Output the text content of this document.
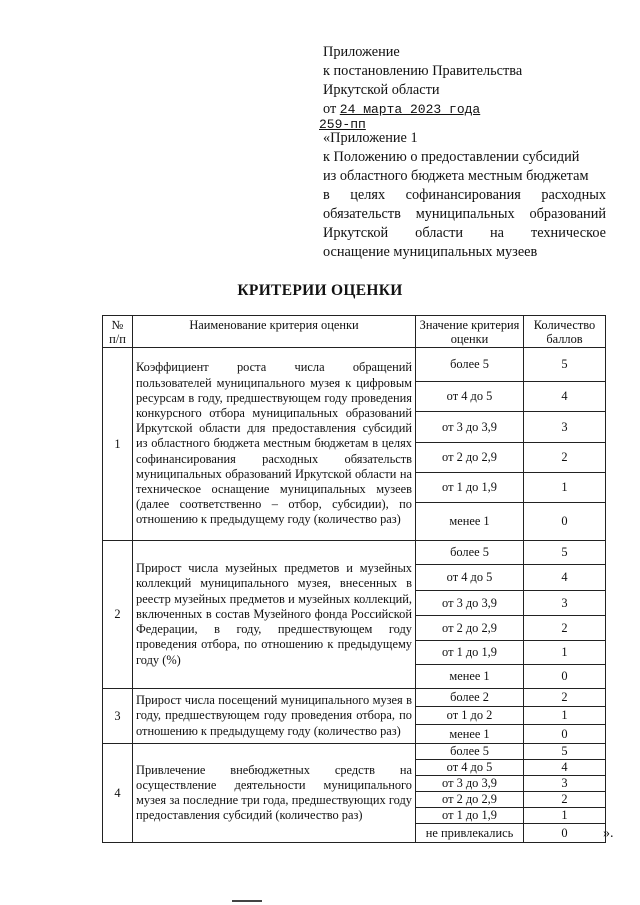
Приложение
к постановлению Правительства
Иркутской области
от 24 марта 2023 года
259-пп
«Приложение 1
к Положению о предоставлении субсидий
из областного бюджета местным бюджетам
в целях софинансирования расходных
обязательств муниципальных образований
Иркутской области на техническое
оснащение муниципальных музеев
КРИТЕРИИ ОЦЕНКИ
№ п/п	Наименование критерия оценки	Значение критерия оценки	Количество баллов
1	Коэффициент роста числа обращений пользователей муниципального музея к цифровым ресурсам в году, предшествующем году проведения конкурсного отбора муниципальных образований Иркутской области для предоставления субсидий из областного бюджета местным бюджетам в целях софинансирования расходных обязательств муниципальных образований Иркутской области на техническое оснащение муниципальных музеев (далее соответственно – отбор, субсидии), по отношению к предыдущему году (количество раз)	более 5	5
		от 4 до 5	4
		от 3 до 3,9	3
		от 2 до 2,9	2
		от 1 до 1,9	1
		менее 1	0
2	Прирост числа музейных предметов и музейных коллекций муниципального музея, внесенных в реестр музейных предметов и музейных коллекций, включенных в состав Музейного фонда Российской Федерации, в году, предшествующем году проведения отбора, по отношению к предыдущему году (%)	более 5	5
		от 4 до 5	4
		от 3 до 3,9	3
		от 2 до 2,9	2
		от 1 до 1,9	1
		менее 1	0
3	Прирост числа посещений муниципального музея в году, предшествующем году проведения отбора, по отношению к предыдущему году (количество раз)	более 2	2
		от 1 до 2	1
		менее 1	0
4	Привлечение внебюджетных средств на осуществление деятельности муниципального музея за последние три года, предшествующих году предоставления субсидий (количество раз)	более 5	5
		от 4 до 5	4
		от 3 до 3,9	3
		от 2 до 2,9	2
		от 1 до 1,9	1
		не привлекались	0	».
